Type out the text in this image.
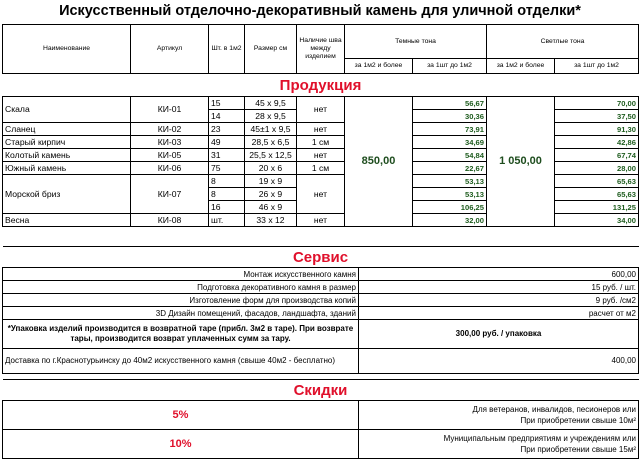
Искусственный отделочно-декоративный камень для уличной отделки*
Наименование	Артикул	Шт. в 1м2	Размер см	Наличие шва между изделием	Темные тона		Светлые тона	
					за 1м2 и более	за 1шт до 1м2	за 1м2 и более	за 1шт до 1м2
Продукция								
Скала	КИ-01	15	45 х 9,5	нет	850,00	56,67	1 050,00	70,00
		14	28 х 9,5			30,36		37,50
Сланец	КИ-02	23	45±1 х 9,5	нет		73,91		91,30
Старый кирпич	КИ-03	49	28,5 х 6,5	1 см		34,69		42,86
Колотый камень	КИ-05	31	25,5 х 12,5	нет		54,84		67,74
Южный камень	КИ-06	75	20 х 6	1 см		22,67		28,00
Морской бриз	КИ-07	8	19 х 9	нет		53,13		65,63
		8	26 х 9			53,13		65,63
		16	46 х 9			106,25		131,25
Весна	КИ-08	шт.	33 х 12	нет		32,00		34,00
Сервис	
Монтаж искусственного камня	600,00
Подготовка декоративного камня в размер	15 руб. / шт.
Изготовление форм для производства копий	9 руб. /см2
3D Дизайн помещений, фасадов, ландшафта, зданий	расчет от м2
*Упаковка изделий производится в возвратной таре (прибл. 3м2 в таре). При возврате тары, производится возврат уплаченных сумм за тару.	300,00 руб. / упаковка
Доставка по г.Краснотурьинску до 40м2 искусственного камня (свыше 40м2 - бесплатно)	400,00

Скидки	
5%	Для ветеранов, инвалидов, песионеров или
При приобретении свыше 10м²

10%	Муниципальным предприятиям и учреждениям или
При приобретении свыше 15м²
